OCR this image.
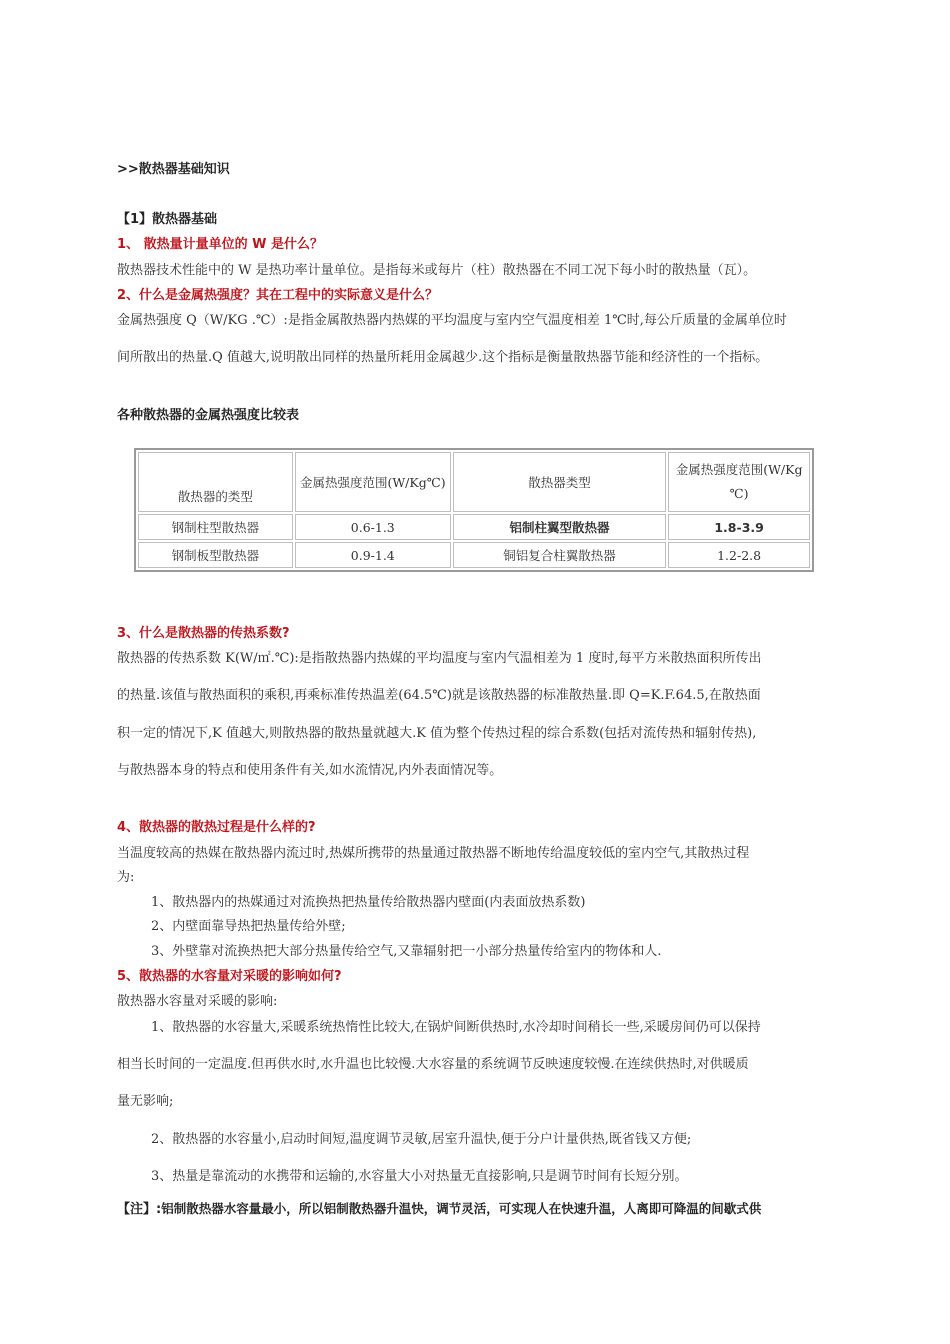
>>散热器基础知识
【1】散热器基础
1、 散热量计量单位的 W 是什么？
散热器技术性能中的 W 是热功率计量单位。是指每米或每片（柱）散热器在不同工况下每小时的散热量（瓦）。
2、什么是金属热强度？其在工程中的实际意义是什么？
金属热强度 Q（W/KG .℃）:是指金属散热器内热媒的平均温度与室内空气温度相差 1℃时,每公斤质量的金属单位时
间所散出的热量.Q 值越大,说明散出同样的热量所耗用金属越少.这个指标是衡量散热器节能和经济性的一个指标。
各种散热器的金属热强度比较表
散热器的类型	金属热强度范围(W/Kg℃)	散热器类型	金属热强度范围(W/Kg ℃)
钢制柱型散热器	0.6-1.3	铝制柱翼型散热器	1.8-3.9
钢制板型散热器	0.9-1.4	铜铝复合柱翼散热器	1.2-2.8
3、什么是散热器的传热系数?
散热器的传热系数 K(W/㎡.℃):是指散热器内热媒的平均温度与室内气温相差为 1 度时,每平方米散热面积所传出
的热量.该值与散热面积的乘积,再乘标准传热温差(64.5℃)就是该散热器的标准散热量.即 Q=K.F.64.5,在散热面
积一定的情况下,K 值越大,则散热器的散热量就越大.K 值为整个传热过程的综合系数(包括对流传热和辐射传热),
与散热器本身的特点和使用条件有关,如水流情况,内外表面情况等。
4、散热器的散热过程是什么样的?
当温度较高的热媒在散热器内流过时,热媒所携带的热量通过散热器不断地传给温度较低的室内空气,其散热过程
为:
1、散热器内的热媒通过对流换热把热量传给散热器内壁面(内表面放热系数)
2、内壁面靠导热把热量传给外壁;
3、外壁靠对流换热把大部分热量传给空气,又靠辐射把一小部分热量传给室内的物体和人.
5、散热器的水容量对采暖的影响如何?
散热器水容量对采暖的影响:
1、散热器的水容量大,采暖系统热惰性比较大,在锅炉间断供热时,水冷却时间稍长一些,采暖房间仍可以保持
相当长时间的一定温度.但再供水时,水升温也比较慢.大水容量的系统调节反映速度较慢.在连续供热时,对供暖质
量无影响;
2、散热器的水容量小,启动时间短,温度调节灵敏,居室升温快,便于分户计量供热,既省钱又方便;
3、热量是靠流动的水携带和运输的,水容量大小对热量无直接影响,只是调节时间有长短分别。
【注】:铝制散热器水容量最小，所以铝制散热器升温快，调节灵活，可实现人在快速升温，人离即可降温的间歇式供
